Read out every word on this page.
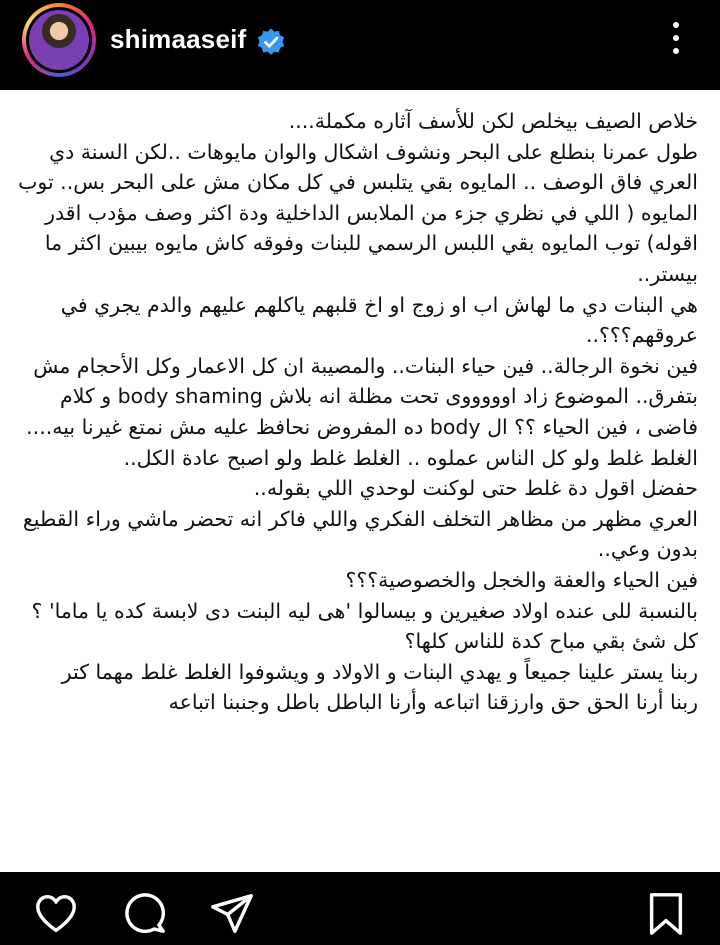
shimaaseif

خلاص الصيف بيخلص لكن للأسف آثاره مكملة....

طول عمرنا بنطلع على البحر ونشوف اشكال والوان مايوهات ..لكن السنة دي العري فاق الوصف .. المايوه بقي يتلبس في كل مكان مش على البحر بس.. توب المايوه ( اللي في نظري جزء من الملابس الداخلية ودة اكثر وصف مؤدب اقدر اقوله) توب المايوه بقي اللبس الرسمي للبنات وفوقه كاش مايوه بيبين اكثر ما بيستر..

هي البنات دي ما لهاش اب او زوج او اخ قلبهم ياكلهم عليهم والدم يجري في عروقهم؟؟؟..

فين نخوة الرجالة.. فين حياء البنات.. والمصيبة ان كل الاعمار وكل الأحجام مش بتفرق.. الموضوع زاد اوووووى تحت مظلة انه بلاش body shaming و كلام فاضى ، فين الحياء ؟؟ ال body ده المفروض نحافظ عليه مش نمتع غيرنا بيه.... الغلط غلط ولو كل الناس عملوه .. الغلط غلط ولو اصبح عادة الكل..

حفضل اقول دة غلط حتى لوكنت لوحدي اللي بقوله..

العري مظهر من مظاهر التخلف الفكري واللي فاكر انه تحضر ماشي وراء القطيع بدون وعي..

فين الحياء والعفة والخجل والخصوصية؟؟؟

بالنسبة للى عنده اولاد صغيرين و بيسالوا 'هى ليه البنت دى لابسة كده يا ماما' ؟

كل شئ بقي مباح كدة للناس كلها؟

ربنا يستر علينا جميعاً و يهدي البنات و الاولاد و ويشوفوا الغلط غلط مهما كتر

ربنا أرنا الحق حق وارزقنا اتباعه وأرنا الباطل باطل وجنبنا اتباعه
